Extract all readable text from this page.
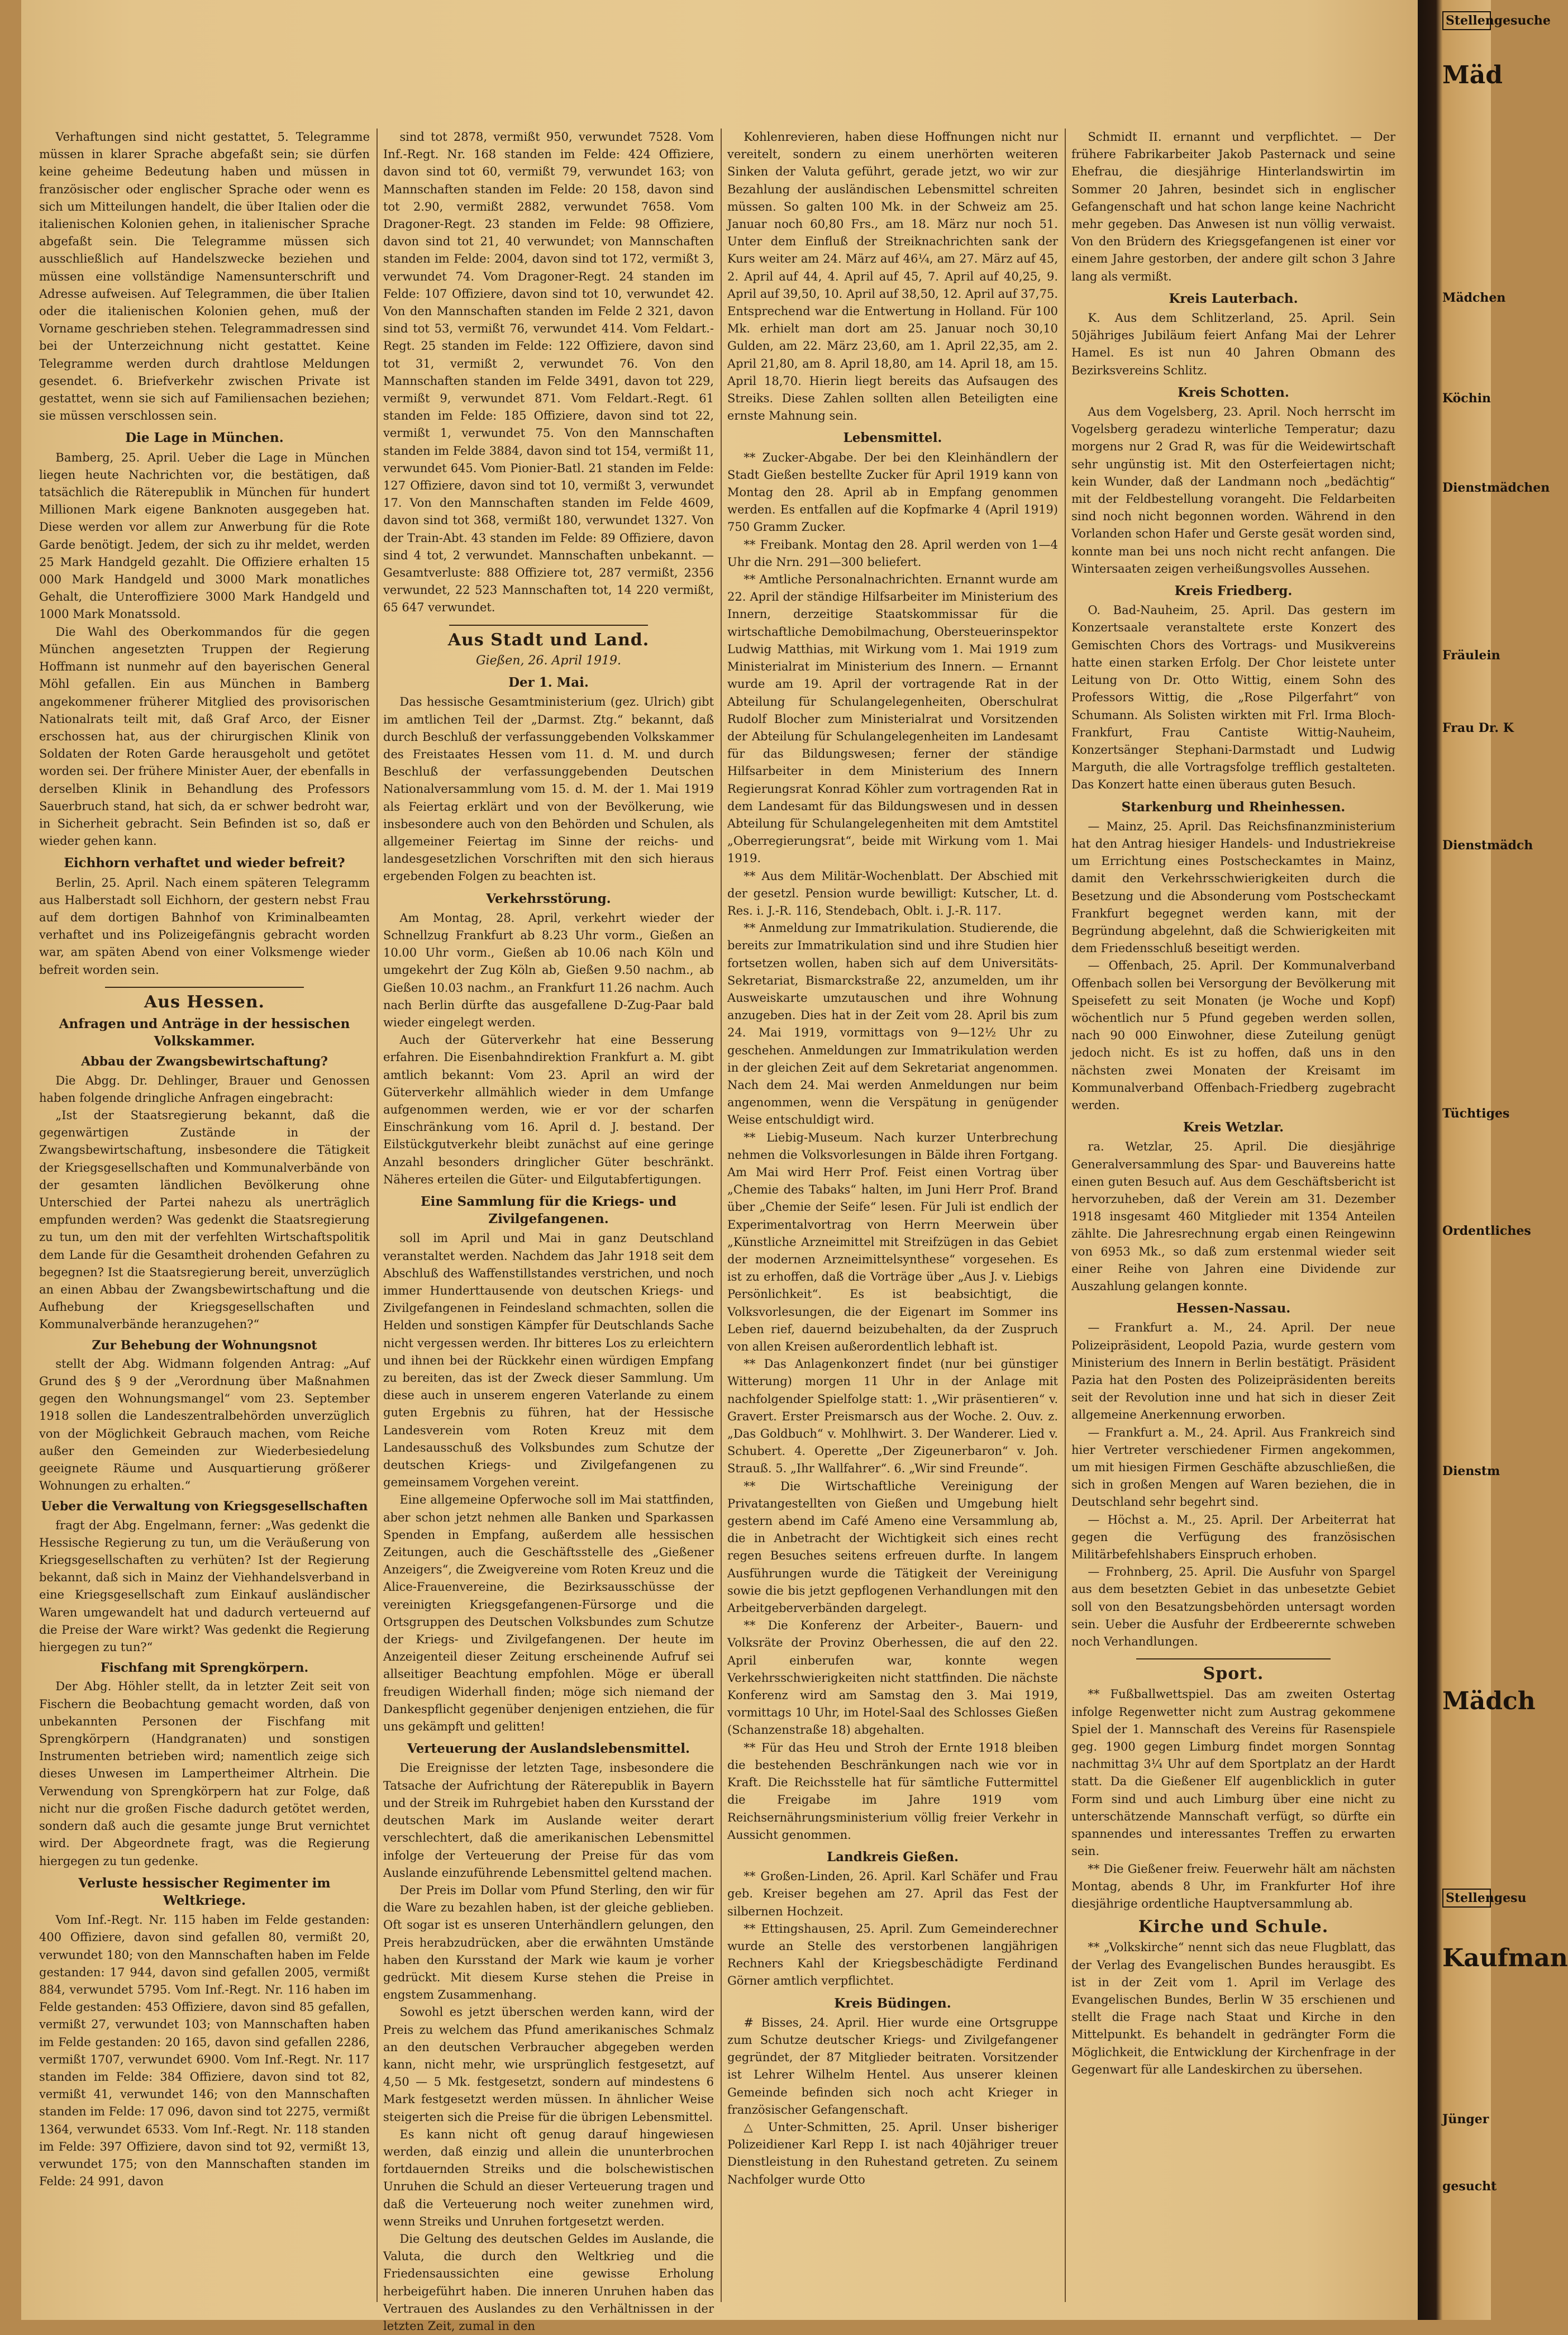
Verhaftungen sind nicht gestattet, 5. Telegramme müssen in klarer Sprache abgefaßt sein; sie dürfen keine geheime Bedeutung haben und müssen in französischer oder englischer Sprache oder wenn es sich um Mitteilungen handelt, die über Italien oder die italienischen Kolonien gehen, in italienischer Sprache abgefaßt sein. Die Telegramme müssen sich ausschließlich auf Handelszwecke beziehen und müssen eine vollständige Namensunterschrift und Adresse aufweisen. Auf Telegrammen, die über Italien oder die italienischen Kolonien gehen, muß der Vorname geschrieben stehen. Telegrammadressen sind bei der Unterzeichnung nicht gestattet. Keine Telegramme werden durch drahtlose Meldungen gesendet. 6. Briefverkehr zwischen Private ist gestattet, wenn sie sich auf Familiensachen beziehen; sie müssen verschlossen sein.

Die Lage in München.

Bamberg, 25. April. Ueber die Lage in München liegen heute Nachrichten vor, die bestätigen, daß tatsächlich die Räterepublik in München für hundert Millionen Mark eigene Banknoten ausgegeben hat. Diese werden vor allem zur Anwerbung für die Rote Garde benötigt. Jedem, der sich zu ihr meldet, werden 25 Mark Handgeld gezahlt. Die Offiziere erhalten 15 000 Mark Handgeld und 3000 Mark monatliches Gehalt, die Unteroffiziere 3000 Mark Handgeld und 1000 Mark Monatssold.

Die Wahl des Oberkommandos für die gegen München angesetzten Truppen der Regierung Hoffmann ist nunmehr auf den bayerischen General Möhl gefallen. Ein aus München in Bamberg angekommener früherer Mitglied des provisorischen Nationalrats teilt mit, daß Graf Arco, der Eisner erschossen hat, aus der chirurgischen Klinik von Soldaten der Roten Garde herausgeholt und getötet worden sei. Der frühere Minister Auer, der ebenfalls in derselben Klinik in Behandlung des Professors Sauerbruch stand, hat sich, da er schwer bedroht war, in Sicherheit gebracht. Sein Befinden ist so, daß er wieder gehen kann.

Eichhorn verhaftet und wieder befreit?

Berlin, 25. April. Nach einem späteren Telegramm aus Halberstadt soll Eichhorn, der gestern nebst Frau auf dem dortigen Bahnhof von Kriminalbeamten verhaftet und ins Polizeigefängnis gebracht worden war, am späten Abend von einer Volksmenge wieder befreit worden sein.

Aus Hessen.
Anfragen und Anträge in der hessischen Volkskammer.
Abbau der Zwangsbewirtschaftung?

Die Abgg. Dr. Dehlinger, Brauer und Genossen haben folgende dringliche Anfragen eingebracht:

„Ist der Staatsregierung bekannt, daß die gegenwärtigen Zustände in der Zwangsbewirtschaftung, insbesondere die Tätigkeit der Kriegsgesellschaften und Kommunalverbände von der gesamten ländlichen Bevölkerung ohne Unterschied der Partei nahezu als unerträglich empfunden werden? Was gedenkt die Staatsregierung zu tun, um den mit der verfehlten Wirtschaftspolitik dem Lande für die Gesamtheit drohenden Gefahren zu begegnen? Ist die Staatsregierung bereit, unverzüglich an einen Abbau der Zwangsbewirtschaftung und die Aufhebung der Kriegsgesellschaften und Kommunalverbände heranzugehen?“

Zur Behebung der Wohnungsnot

stellt der Abg. Widmann folgenden Antrag: „Auf Grund des § 9 der „Verordnung über Maßnahmen gegen den Wohnungsmangel“ vom 23. September 1918 sollen die Landeszentralbehörden unverzüglich von der Möglichkeit Gebrauch machen, vom Reiche außer den Gemeinden zur Wiederbesiedelung geeignete Räume und Ausquartierung größerer Wohnungen zu erhalten.“

Ueber die Verwaltung von Kriegsgesellschaften

fragt der Abg. Engelmann, ferner: „Was gedenkt die Hessische Regierung zu tun, um die Veräußerung von Kriegsgesellschaften zu verhüten? Ist der Regierung bekannt, daß sich in Mainz der Viehhandelsverband in eine Kriegsgesellschaft zum Einkauf ausländischer Waren umgewandelt hat und dadurch verteuernd auf die Preise der Ware wirkt? Was gedenkt die Regierung hiergegen zu tun?“

Fischfang mit Sprengkörpern.

Der Abg. Höhler stellt, da in letzter Zeit seit von Fischern die Beobachtung gemacht worden, daß von unbekannten Personen der Fischfang mit Sprengkörpern (Handgranaten) und sonstigen Instrumenten betrieben wird; namentlich zeige sich dieses Unwesen im Lampertheimer Altrhein. Die Verwendung von Sprengkörpern hat zur Folge, daß nicht nur die großen Fische dadurch getötet werden, sondern daß auch die gesamte junge Brut vernichtet wird. Der Abgeordnete fragt, was die Regierung hiergegen zu tun gedenke.

Verluste hessischer Regimenter im Weltkriege.

Vom Inf.-Regt. Nr. 115 haben im Felde gestanden: 400 Offiziere, davon sind gefallen 80, vermißt 20, verwundet 180; von den Mannschaften haben im Felde gestanden: 17 944, davon sind gefallen 2005, vermißt 884, verwundet 5795. Vom Inf.-Regt. Nr. 116 haben im Felde gestanden: 453 Offiziere, davon sind 85 gefallen, vermißt 27, verwundet 103; von Mannschaften haben im Felde gestanden: 20 165, davon sind gefallen 2286, vermißt 1707, verwundet 6900. Vom Inf.-Regt. Nr. 117 standen im Felde: 384 Offiziere, davon sind tot 82, vermißt 41, verwundet 146; von den Mannschaften standen im Felde: 17 096, davon sind tot 2275, vermißt 1364, verwundet 6533. Vom Inf.-Regt. Nr. 118 standen im Felde: 397 Offiziere, davon sind tot 92, vermißt 13, verwundet 175; von den Mannschaften standen im Felde: 24 991, davon

sind tot 2878, vermißt 950, verwundet 7528. Vom Inf.-Regt. Nr. 168 standen im Felde: 424 Offiziere, davon sind tot 60, vermißt 79, verwundet 163; von Mannschaften standen im Felde: 20 158, davon sind tot 2.90, vermißt 2882, verwundet 7658. Vom Dragoner-Regt. 23 standen im Felde: 98 Offiziere, davon sind tot 21, 40 verwundet; von Mannschaften standen im Felde: 2004, davon sind tot 172, vermißt 3, verwundet 74. Vom Dragoner-Regt. 24 standen im Felde: 107 Offiziere, davon sind tot 10, verwundet 42. Von den Mannschaften standen im Felde 2 321, davon sind tot 53, vermißt 76, verwundet 414. Vom Feldart.-Regt. 25 standen im Felde: 122 Offiziere, davon sind tot 31, vermißt 2, verwundet 76. Von den Mannschaften standen im Felde 3491, davon tot 229, vermißt 9, verwundet 871. Vom Feldart.-Regt. 61 standen im Felde: 185 Offiziere, davon sind tot 22, vermißt 1, verwundet 75. Von den Mannschaften standen im Felde 3884, davon sind tot 154, vermißt 11, verwundet 645. Vom Pionier-Batl. 21 standen im Felde: 127 Offiziere, davon sind tot 10, vermißt 3, verwundet 17. Von den Mannschaften standen im Felde 4609, davon sind tot 368, vermißt 180, verwundet 1327. Von der Train-Abt. 43 standen im Felde: 89 Offiziere, davon sind 4 tot, 2 verwundet. Mannschaften unbekannt. — Gesamtverluste: 888 Offiziere tot, 287 vermißt, 2356 verwundet, 22 523 Mannschaften tot, 14 220 vermißt, 65 647 verwundet.

Aus Stadt und Land.
Gießen, 26. April 1919.
Der 1. Mai.

Das hessische Gesamtministerium (gez. Ulrich) gibt im amtlichen Teil der „Darmst. Ztg.“ bekannt, daß durch Beschluß der verfassunggebenden Volkskammer des Freistaates Hessen vom 11. d. M. und durch Beschluß der verfassunggebenden Deutschen Nationalversammlung vom 15. d. M. der 1. Mai 1919 als Feiertag erklärt und von der Bevölkerung, wie insbesondere auch von den Behörden und Schulen, als allgemeiner Feiertag im Sinne der reichs- und landesgesetzlichen Vorschriften mit den sich hieraus ergebenden Folgen zu beachten ist.

Verkehrsstörung.

Am Montag, 28. April, verkehrt wieder der Schnellzug Frankfurt ab 8.23 Uhr vorm., Gießen an 10.00 Uhr vorm., Gießen ab 10.06 nach Köln und umgekehrt der Zug Köln ab, Gießen 9.50 nachm., ab Gießen 10.03 nachm., an Frankfurt 11.26 nachm. Auch nach Berlin dürfte das ausgefallene D-Zug-Paar bald wieder eingelegt werden.

Auch der Güterverkehr hat eine Besserung erfahren. Die Eisenbahndirektion Frankfurt a. M. gibt amtlich bekannt: Vom 23. April an wird der Güterverkehr allmählich wieder in dem Umfange aufgenommen werden, wie er vor der scharfen Einschränkung vom 16. April d. J. bestand. Der Eilstückgutverkehr bleibt zunächst auf eine geringe Anzahl besonders dringlicher Güter beschränkt. Näheres erteilen die Güter- und Eilgutabfertigungen.

Eine Sammlung für die Kriegs- und Zivilgefangenen.

soll im April und Mai in ganz Deutschland veranstaltet werden. Nachdem das Jahr 1918 seit dem Abschluß des Waffenstillstandes verstrichen, und noch immer Hunderttausende von deutschen Kriegs- und Zivilgefangenen in Feindesland schmachten, sollen die Helden und sonstigen Kämpfer für Deutschlands Sache nicht vergessen werden. Ihr bitteres Los zu erleichtern und ihnen bei der Rückkehr einen würdigen Empfang zu bereiten, das ist der Zweck dieser Sammlung. Um diese auch in unserem engeren Vaterlande zu einem guten Ergebnis zu führen, hat der Hessische Landesverein vom Roten Kreuz mit dem Landesausschuß des Volksbundes zum Schutze der deutschen Kriegs- und Zivilgefangenen zu gemeinsamem Vorgehen vereint.

Eine allgemeine Opferwoche soll im Mai stattfinden, aber schon jetzt nehmen alle Banken und Sparkassen Spenden in Empfang, außerdem alle hessischen Zeitungen, auch die Geschäftsstelle des „Gießener Anzeigers“, die Zweigvereine vom Roten Kreuz und die Alice-Frauenvereine, die Bezirksausschüsse der vereinigten Kriegsgefangenen-Fürsorge und die Ortsgruppen des Deutschen Volksbundes zum Schutze der Kriegs- und Zivilgefangenen. Der heute im Anzeigenteil dieser Zeitung erscheinende Aufruf sei allseitiger Beachtung empfohlen. Möge er überall freudigen Widerhall finden; möge sich niemand der Dankespflicht gegenüber denjenigen entziehen, die für uns gekämpft und gelitten!

Verteuerung der Auslandslebensmittel.

Die Ereignisse der letzten Tage, insbesondere die Tatsache der Aufrichtung der Räterepublik in Bayern und der Streik im Ruhrgebiet haben den Kursstand der deutschen Mark im Auslande weiter derart verschlechtert, daß die amerikanischen Lebensmittel infolge der Verteuerung der Preise für das vom Auslande einzuführende Lebensmittel geltend machen.

Der Preis im Dollar vom Pfund Sterling, den wir für die Ware zu bezahlen haben, ist der gleiche geblieben. Oft sogar ist es unseren Unterhändlern gelungen, den Preis herabzudrücken, aber die erwähnten Umstände haben den Kursstand der Mark wie kaum je vorher gedrückt. Mit diesem Kurse stehen die Preise in engstem Zusammenhang.

Sowohl es jetzt überschen werden kann, wird der Preis zu welchem das Pfund amerikanisches Schmalz an den deutschen Verbraucher abgegeben werden kann, nicht mehr, wie ursprünglich festgesetzt, auf 4,50 — 5 Mk. festgesetzt, sondern auf mindestens 6 Mark festgesetzt werden müssen. In ähnlicher Weise steigerten sich die Preise für die übrigen Lebensmittel.

Es kann nicht oft genug darauf hingewiesen werden, daß einzig und allein die ununterbrochen fortdauernden Streiks und die bolschewistischen Unruhen die Schuld an dieser Verteuerung tragen und daß die Verteuerung noch weiter zunehmen wird, wenn Streiks und Unruhen fortgesetzt werden.

Die Geltung des deutschen Geldes im Auslande, die Valuta, die durch den Weltkrieg und die Friedensaussichten eine gewisse Erholung herbeigeführt haben. Die inneren Unruhen haben das Vertrauen des Auslandes zu den Verhältnissen in der letzten Zeit, zumal in den

Kohlenrevieren, haben diese Hoffnungen nicht nur vereitelt, sondern zu einem unerhörten weiteren Sinken der Valuta geführt, gerade jetzt, wo wir zur Bezahlung der ausländischen Lebensmittel schreiten müssen. So galten 100 Mk. in der Schweiz am 25. Januar noch 60,80 Frs., am 18. März nur noch 51. Unter dem Einfluß der Streiknachrichten sank der Kurs weiter am 24. März auf 46¼, am 27. März auf 45, 2. April auf 44, 4. April auf 45, 7. April auf 40,25, 9. April auf 39,50, 10. April auf 38,50, 12. April auf 37,75. Entsprechend war die Entwertung in Holland. Für 100 Mk. erhielt man dort am 25. Januar noch 30,10 Gulden, am 22. März 23,60, am 1. April 22,35, am 2. April 21,80, am 8. April 18,80, am 14. April 18, am 15. April 18,70. Hierin liegt bereits das Aufsaugen des Streiks. Diese Zahlen sollten allen Beteiligten eine ernste Mahnung sein.

Lebensmittel.

** Zucker-Abgabe. Der bei den Kleinhändlern der Stadt Gießen bestellte Zucker für April 1919 kann von Montag den 28. April ab in Empfang genommen werden. Es entfallen auf die Kopfmarke 4 (April 1919) 750 Gramm Zucker.

** Freibank. Montag den 28. April werden von 1—4 Uhr die Nrn. 291—300 beliefert.

** Amtliche Personalnachrichten. Ernannt wurde am 22. April der ständige Hilfsarbeiter im Ministerium des Innern, derzeitige Staatskommissar für die wirtschaftliche Demobilmachung, Obersteuerinspektor Ludwig Matthias, mit Wirkung vom 1. Mai 1919 zum Ministerialrat im Ministerium des Innern. — Ernannt wurde am 19. April der vortragende Rat in der Abteilung für Schulangelegenheiten, Oberschulrat Rudolf Blocher zum Ministerialrat und Vorsitzenden der Abteilung für Schulangelegenheiten im Landesamt für das Bildungswesen; ferner der ständige Hilfsarbeiter in dem Ministerium des Innern Regierungsrat Konrad Köhler zum vortragenden Rat in dem Landesamt für das Bildungswesen und in dessen Abteilung für Schulangelegenheiten mit dem Amtstitel „Oberregierungsrat“, beide mit Wirkung vom 1. Mai 1919.

** Aus dem Militär-Wochenblatt. Der Abschied mit der gesetzl. Pension wurde bewilligt: Kutscher, Lt. d. Res. i. J.-R. 116, Stendebach, Oblt. i. J.-R. 117.

** Anmeldung zur Immatrikulation. Studierende, die bereits zur Immatrikulation sind und ihre Studien hier fortsetzen wollen, haben sich auf dem Universitäts-Sekretariat, Bismarckstraße 22, anzumelden, um ihr Ausweiskarte umzutauschen und ihre Wohnung anzugeben. Dies hat in der Zeit vom 28. April bis zum 24. Mai 1919, vormittags von 9—12½ Uhr zu geschehen. Anmeldungen zur Immatrikulation werden in der gleichen Zeit auf dem Sekretariat angenommen. Nach dem 24. Mai werden Anmeldungen nur beim angenommen, wenn die Verspätung in genügender Weise entschuldigt wird.

** Liebig-Museum. Nach kurzer Unterbrechung nehmen die Volksvorlesungen in Bälde ihren Fortgang. Am Mai wird Herr Prof. Feist einen Vortrag über „Chemie des Tabaks“ halten, im Juni Herr Prof. Brand über „Chemie der Seife“ lesen. Für Juli ist endlich der Experimentalvortrag von Herrn Meerwein über „Künstliche Arzneimittel mit Streifzügen in das Gebiet der modernen Arzneimittelsynthese“ vorgesehen. Es ist zu erhoffen, daß die Vorträge über „Aus J. v. Liebigs Persönlichkeit“. Es ist beabsichtigt, die Volksvorlesungen, die der Eigenart im Sommer ins Leben rief, dauernd beizubehalten, da der Zuspruch von allen Kreisen außerordentlich lebhaft ist.

** Das Anlagenkonzert findet (nur bei günstiger Witterung) morgen 11 Uhr in der Anlage mit nachfolgender Spielfolge statt: 1. „Wir präsentieren“ v. Gravert. Erster Preismarsch aus der Woche. 2. Ouv. z. „Das Goldbuch“ v. Mohlhwirt. 3. Der Wanderer. Lied v. Schubert. 4. Operette „Der Zigeunerbaron“ v. Joh. Strauß. 5. „Ihr Wallfahrer“. 6. „Wir sind Freunde“.

** Die Wirtschaftliche Vereinigung der Privatangestellten von Gießen und Umgebung hielt gestern abend im Café Ameno eine Versammlung ab, die in Anbetracht der Wichtigkeit sich eines recht regen Besuches seitens erfreuen durfte. In langem Ausführungen wurde die Tätigkeit der Vereinigung sowie die bis jetzt gepflogenen Verhandlungen mit den Arbeitgeberverbänden dargelegt.

** Die Konferenz der Arbeiter-, Bauern- und Volksräte der Provinz Oberhessen, die auf den 22. April einberufen war, konnte wegen Verkehrsschwierigkeiten nicht stattfinden. Die nächste Konferenz wird am Samstag den 3. Mai 1919, vormittags 10 Uhr, im Hotel-Saal des Schlosses Gießen (Schanzenstraße 18) abgehalten.

** Für das Heu und Stroh der Ernte 1918 bleiben die bestehenden Beschränkungen nach wie vor in Kraft. Die Reichsstelle hat für sämtliche Futtermittel die Freigabe im Jahre 1919 vom Reichsernährungsministerium völlig freier Verkehr in Aussicht genommen.

Landkreis Gießen.

** Großen-Linden, 26. April. Karl Schäfer und Frau geb. Kreiser begehen am 27. April das Fest der silbernen Hochzeit.

** Ettingshausen, 25. April. Zum Gemeinderechner wurde an Stelle des verstorbenen langjährigen Rechners Kahl der Kriegsbeschädigte Ferdinand Görner amtlich verpflichtet.

Kreis Büdingen.

# Bisses, 24. April. Hier wurde eine Ortsgruppe zum Schutze deutscher Kriegs- und Zivilgefangener gegründet, der 87 Mitglieder beitraten. Vorsitzender ist Lehrer Wilhelm Hentel. Aus unserer kleinen Gemeinde befinden sich noch acht Krieger in französischer Gefangenschaft.

△ Unter-Schmitten, 25. April. Unser bisheriger Polizeidiener Karl Repp I. ist nach 40jähriger treuer Dienstleistung in den Ruhestand getreten. Zu seinem Nachfolger wurde Otto

Schmidt II. ernannt und verpflichtet. — Der frühere Fabrikarbeiter Jakob Pasternack und seine Ehefrau, die diesjährige Hinterlandswirtin im Sommer 20 Jahren, besindet sich in englischer Gefangenschaft und hat schon lange keine Nachricht mehr gegeben. Das Anwesen ist nun völlig verwaist. Von den Brüdern des Kriegsgefangenen ist einer vor einem Jahre gestorben, der andere gilt schon 3 Jahre lang als vermißt.

Kreis Lauterbach.

K. Aus dem Schlitzerland, 25. April. Sein 50jähriges Jubiläum feiert Anfang Mai der Lehrer Hamel. Es ist nun 40 Jahren Obmann des Bezirksvereins Schlitz.

Kreis Schotten.

Aus dem Vogelsberg, 23. April. Noch herrscht im Vogelsberg geradezu winterliche Temperatur; dazu morgens nur 2 Grad R, was für die Weidewirtschaft sehr ungünstig ist. Mit den Osterfeiertagen nicht; kein Wunder, daß der Landmann noch „bedächtig“ mit der Feldbestellung vorangeht. Die Feldarbeiten sind noch nicht begonnen worden. Während in den Vorlanden schon Hafer und Gerste gesät worden sind, konnte man bei uns noch nicht recht anfangen. Die Wintersaaten zeigen verheißungsvolles Aussehen.

Kreis Friedberg.

O. Bad-Nauheim, 25. April. Das gestern im Konzertsaale veranstaltete erste Konzert des Gemischten Chors des Vortrags- und Musikvereins hatte einen starken Erfolg. Der Chor leistete unter Leitung von Dr. Otto Wittig, einem Sohn des Professors Wittig, die „Rose Pilgerfahrt“ von Schumann. Als Solisten wirkten mit Frl. Irma Bloch-Frankfurt, Frau Cantiste Wittig-Nauheim, Konzertsänger Stephani-Darmstadt und Ludwig Marguth, die alle Vortragsfolge trefflich gestalteten. Das Konzert hatte einen überaus guten Besuch.

Starkenburg und Rheinhessen.

— Mainz, 25. April. Das Reichsfinanzministerium hat den Antrag hiesiger Handels- und Industriekreise um Errichtung eines Postscheckamtes in Mainz, damit den Verkehrsschwierigkeiten durch die Besetzung und die Absonderung vom Postscheckamt Frankfurt begegnet werden kann, mit der Begründung abgelehnt, daß die Schwierigkeiten mit dem Friedensschluß beseitigt werden.

— Offenbach, 25. April. Der Kommunalverband Offenbach sollen bei Versorgung der Bevölkerung mit Speisefett zu seit Monaten (je Woche und Kopf) wöchentlich nur 5 Pfund gegeben werden sollen, nach 90 000 Einwohner, diese Zuteilung genügt jedoch nicht. Es ist zu hoffen, daß uns in den nächsten zwei Monaten der Kreisamt im Kommunalverband Offenbach-Friedberg zugebracht werden.

Kreis Wetzlar.

ra. Wetzlar, 25. April. Die diesjährige Generalversammlung des Spar- und Bauvereins hatte einen guten Besuch auf. Aus dem Geschäftsbericht ist hervorzuheben, daß der Verein am 31. Dezember 1918 insgesamt 460 Mitglieder mit 1354 Anteilen zählte. Die Jahresrechnung ergab einen Reingewinn von 6953 Mk., so daß zum erstenmal wieder seit einer Reihe von Jahren eine Dividende zur Auszahlung gelangen konnte.

Hessen-Nassau.

— Frankfurt a. M., 24. April. Der neue Polizeipräsident, Leopold Pazia, wurde gestern vom Ministerium des Innern in Berlin bestätigt. Präsident Pazia hat den Posten des Polizeipräsidenten bereits seit der Revolution inne und hat sich in dieser Zeit allgemeine Anerkennung erworben.

— Frankfurt a. M., 24. April. Aus Frankreich sind hier Vertreter verschiedener Firmen angekommen, um mit hiesigen Firmen Geschäfte abzuschließen, die sich in großen Mengen auf Waren beziehen, die in Deutschland sehr begehrt sind.

— Höchst a. M., 25. April. Der Arbeiterrat hat gegen die Verfügung des französischen Militärbefehlshabers Einspruch erhoben.

— Frohnberg, 25. April. Die Ausfuhr von Spargel aus dem besetzten Gebiet in das unbesetzte Gebiet soll von den Besatzungsbehörden untersagt worden sein. Ueber die Ausfuhr der Erdbeerernte schweben noch Verhandlungen.

Sport.

** Fußballwettspiel. Das am zweiten Ostertag infolge Regenwetter nicht zum Austrag gekommene Spiel der 1. Mannschaft des Vereins für Rasenspiele geg. 1900 gegen Limburg findet morgen Sonntag nachmittag 3¼ Uhr auf dem Sportplatz an der Hardt statt. Da die Gießener Elf augenblicklich in guter Form sind und auch Limburg über eine nicht zu unterschätzende Mannschaft verfügt, so dürfte ein spannendes und interessantes Treffen zu erwarten sein.

** Die Gießener freiw. Feuerwehr hält am nächsten Montag, abends 8 Uhr, im Frankfurter Hof ihre diesjährige ordentliche Hauptversammlung ab.

Kirche und Schule.

** „Volkskirche“ nennt sich das neue Flugblatt, das der Verlag des Evangelischen Bundes herausgibt. Es ist in der Zeit vom 1. April im Verlage des Evangelischen Bundes, Berlin W 35 erschienen und stellt die Frage nach Staat und Kirche in den Mittelpunkt. Es behandelt in gedrängter Form die Möglichkeit, die Entwicklung der Kirchenfrage in der Gegenwart für alle Landeskirchen zu übersehen.

Stellengesuche
Mäd
Mädchen
Köchin
Dienstmädchen
Fräulein
Frau Dr. K
Dienstmädch
Tüchtiges
Ordentliches
Dienstm
Mädch
Stellengesu
Kaufman
Jünger
gesucht
